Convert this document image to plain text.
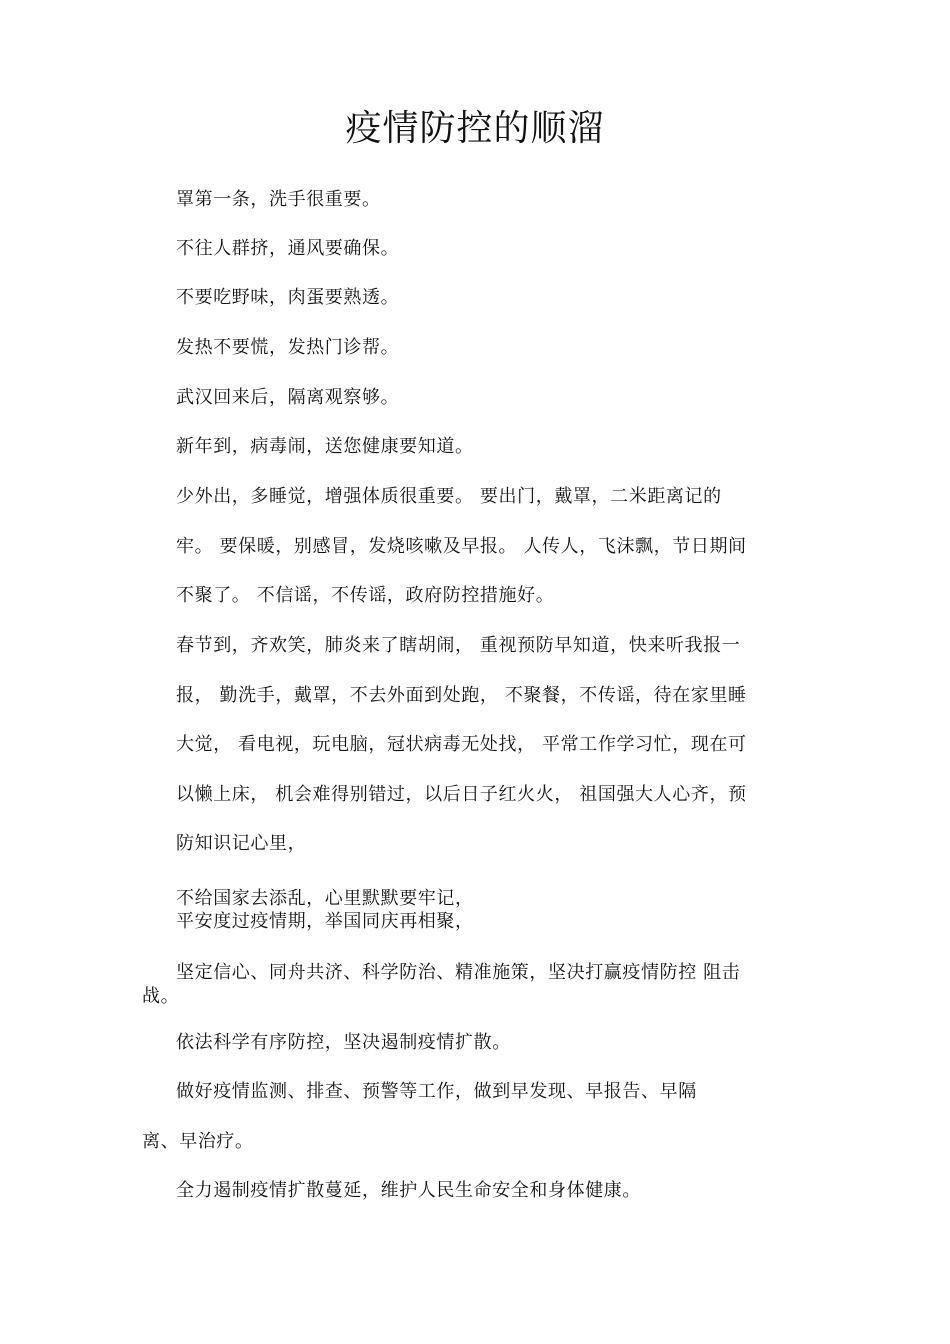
疫情防控的顺溜

罩第一条，洗手很重要。

不往人群挤，通风要确保。

不要吃野味，肉蛋要熟透。

发热不要慌，发热门诊帮。

武汉回来后，隔离观察够。

新年到，病毒闹，送您健康要知道。

少外出，多睡觉，增强体质很重要。 要出门，戴罩，二米距离记的

牢。 要保暖，别感冒，发烧咳嗽及早报。 人传人，飞沫飘，节日期间

不聚了。 不信谣，不传谣，政府防控措施好。

春节到，齐欢笑，肺炎来了瞎胡闹， 重视预防早知道，快来听我报一

报， 勤洗手，戴罩，不去外面到处跑， 不聚餐，不传谣，待在家里睡

大觉， 看电视，玩电脑，冠状病毒无处找， 平常工作学习忙，现在可

以懒上床， 机会难得别错过，以后日子红火火， 祖国强大人心齐，预

防知识记心里，

不给国家去添乱，心里默默要牢记，

平安度过疫情期，举国同庆再相聚，

坚定信心、同舟共济、科学防治、精准施策，坚决打赢疫情防控 阻击

战。

依法科学有序防控，坚决遏制疫情扩散。

做好疫情监测、排查、预警等工作，做到早发现、早报告、早隔

离、早治疗。

全力遏制疫情扩散蔓延，维护人民生命安全和身体健康。
